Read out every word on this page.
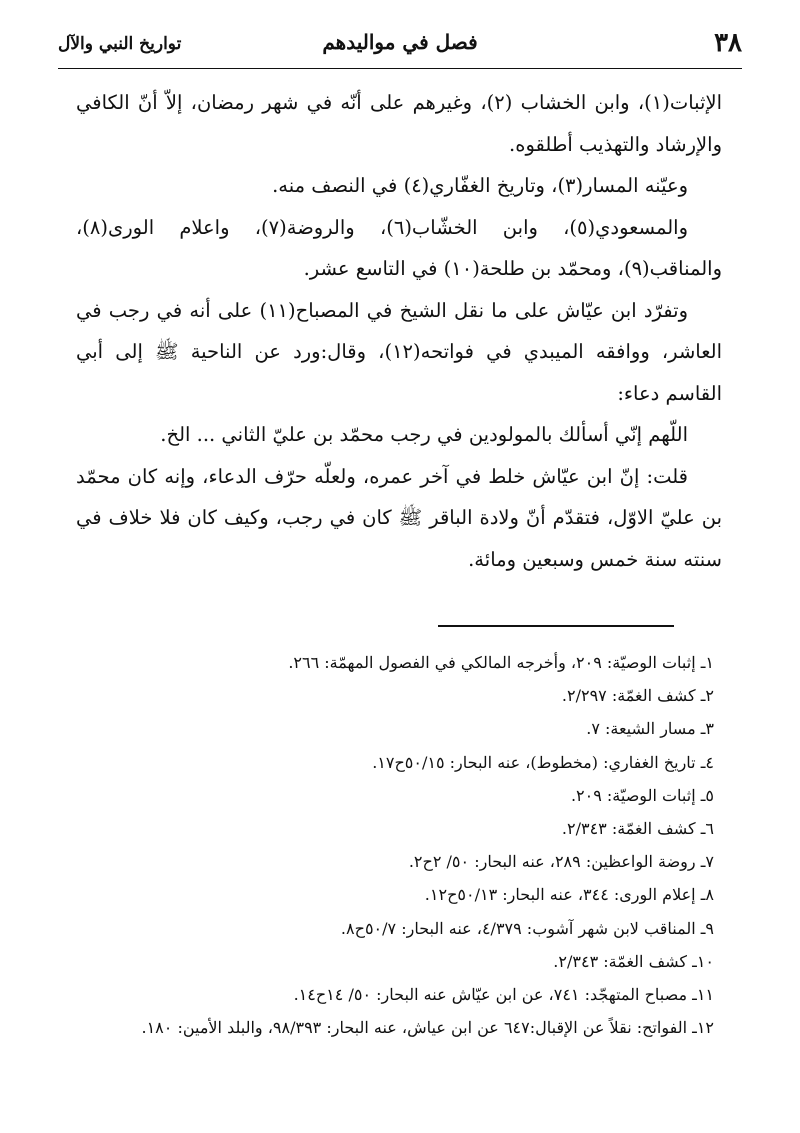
٣٨
فصل في مواليدهم
تواريخ النبي والآل

الإثبات(١)، وابن الخشاب (٢)، وغيرهم على أنّه في شهر رمضان، إلاّ أنّ الكافي والإرشاد والتهذيب أطلقوه.

وعيّنه المسار(٣)، وتاريخ الغفّاري(٤) في النصف منه.

والمسعودي(٥)، وابن الخشّاب(٦)، والروضة(٧)، واعلام الورى(٨)، والمناقب(٩)، ومحمّد بن طلحة(١٠) في التاسع عشر.

وتفرّد ابن عيّاش على ما نقل الشيخ في المصباح(١١) على أنه في رجب في العاشر، ووافقه الميبدي في فواتحه(١٢)، وقال:ورد عن الناحية ﷺ إلى أبي القاسم دعاء:

اللّهم إنّي أسألك بالمولودين في رجب محمّد بن عليّ الثاني ... الخ.

قلت: إنّ ابن عيّاش خلط في آخر عمره، ولعلّه حرّف الدعاء، وإنه كان محمّد بن عليّ الاوّل، فتقدّم أنّ ولادة الباقر ﷺ كان في رجب، وكيف كان فلا خلاف في سنته سنة خمس وسبعين ومائة.

١ـ إثبات الوصيّة: ٢٠٩، وأخرجه المالكي في الفصول المهمّة: ٢٦٦.

٢ـ كشف الغمّة: ٢/٢٩٧.

٣ـ مسار الشيعة: ٧.

٤ـ تاريخ الغفاري: (مخطوط)، عنه البحار: ٥٠/١٥ح١٧.

٥ـ إثبات الوصيّة: ٢٠٩.

٦ـ كشف الغمّة: ٢/٣٤٣.

٧ـ روضة الواعظين: ٢٨٩، عنه البحار: ٥٠/ ٢ح٢.

٨ـ إعلام الورى: ٣٤٤، عنه البحار: ٥٠/١٣ح١٢.

٩ـ المناقب لابن شهر آشوب: ٤/٣٧٩، عنه البحار: ٥٠/٧ح٨.

١٠ـ كشف الغمّة: ٢/٣٤٣.

١١ـ مصباح المتهجّد: ٧٤١، عن ابن عيّاش عنه البحار: ٥٠/ ١٤ح١٤.

١٢ـ الفواتح: نقلاً عن الإقبال:٦٤٧ عن ابن عياش، عنه البحار: ٩٨/٣٩٣، والبلد الأمين: ١٨٠.
